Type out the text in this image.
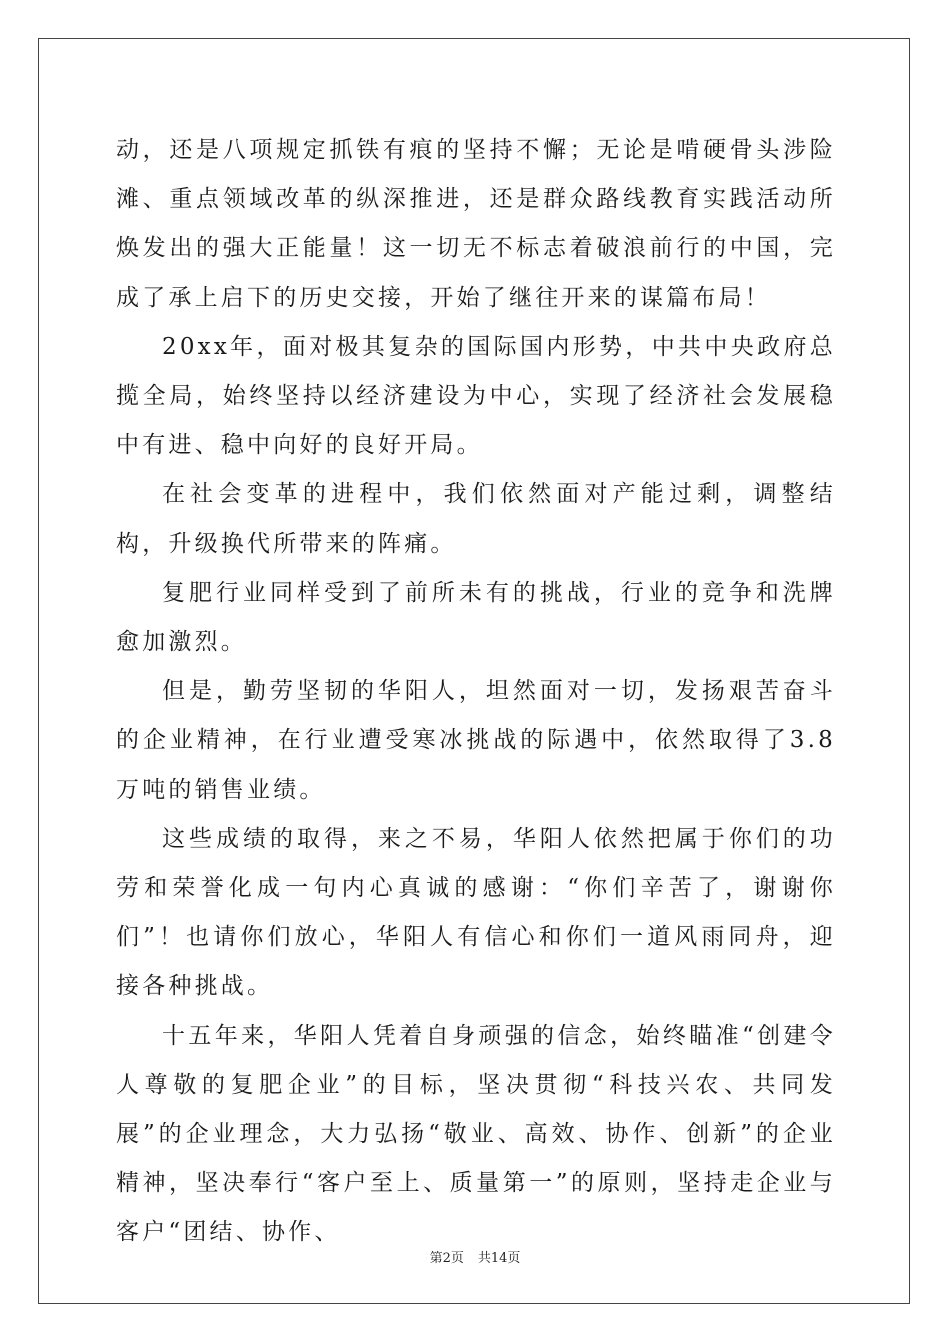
动，还是八项规定抓铁有痕的坚持不懈；无论是啃硬骨头涉险滩、重点领域改革的纵深推进，还是群众路线教育实践活动所焕发出的强大正能量！这一切无不标志着破浪前行的中国，完成了承上启下的历史交接，开始了继往开来的谋篇布局！

20xx年，面对极其复杂的国际国内形势，中共中央政府总揽全局，始终坚持以经济建设为中心，实现了经济社会发展稳中有进、稳中向好的良好开局。

在社会变革的进程中，我们依然面对产能过剩，调整结构，升级换代所带来的阵痛。

复肥行业同样受到了前所未有的挑战，行业的竞争和洗牌愈加激烈。

但是，勤劳坚韧的华阳人，坦然面对一切，发扬艰苦奋斗的企业精神，在行业遭受寒冰挑战的际遇中，依然取得了3.8万吨的销售业绩。

这些成绩的取得，来之不易，华阳人依然把属于你们的功劳和荣誉化成一句内心真诚的感谢：“你们辛苦了，谢谢你们”！也请你们放心，华阳人有信心和你们一道风雨同舟，迎接各种挑战。

十五年来，华阳人凭着自身顽强的信念，始终瞄准“创建令人尊敬的复肥企业”的目标，坚决贯彻“科技兴农、共同发展”的企业理念，大力弘扬“敬业、高效、协作、创新”的企业精神，坚决奉行“客户至上、质量第一”的原则，坚持走企业与客户“团结、协作、

第2页 共14页
